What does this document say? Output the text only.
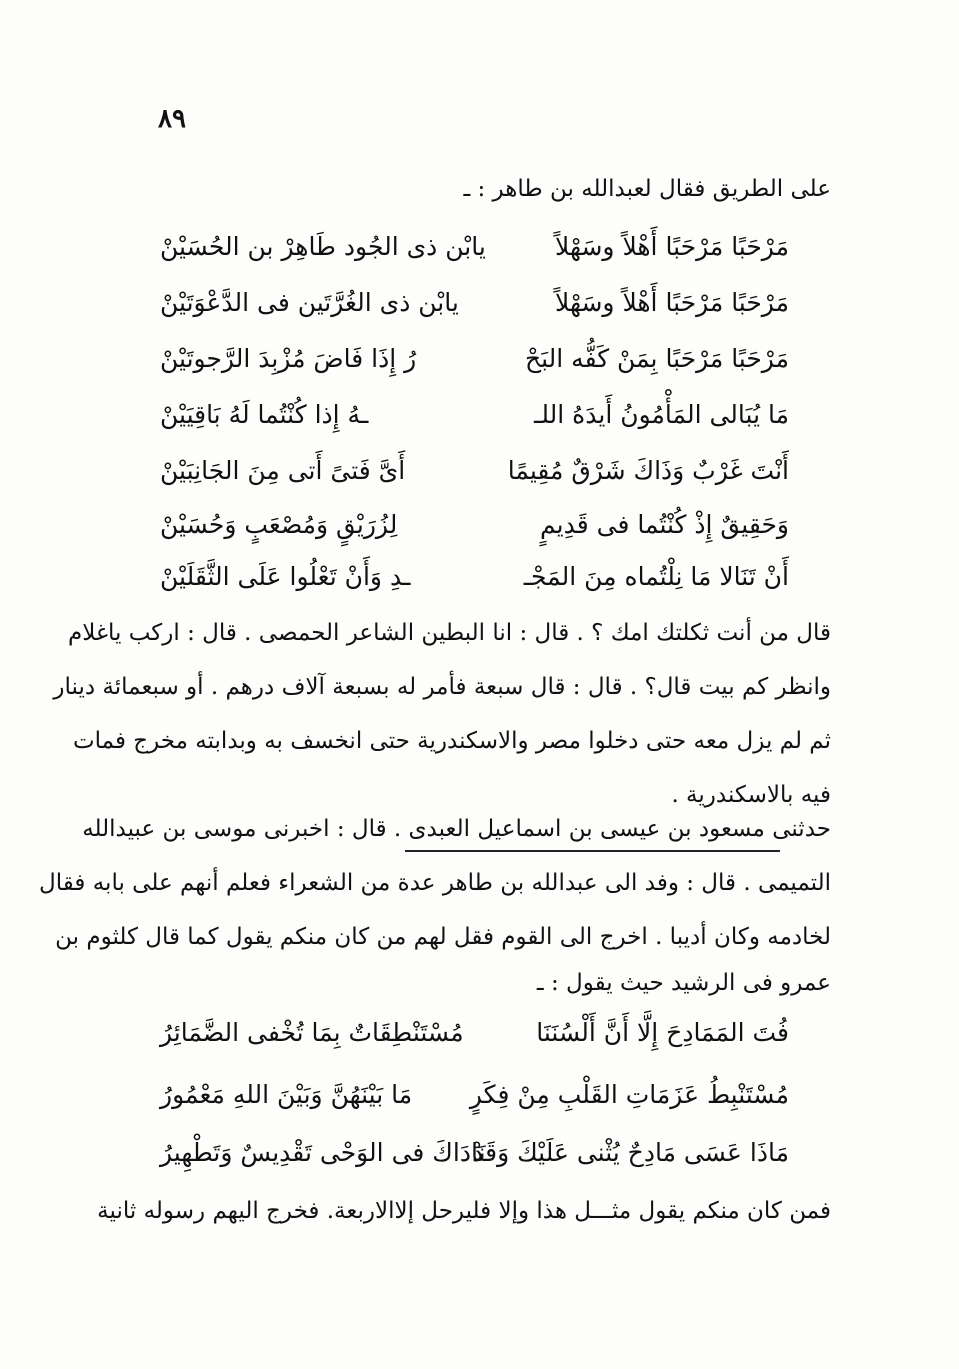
٨٩
على الطريق فقال لعبدالله بن طاهر : ـ
مَرْحَبًا مَرْحَبًا أَهْلاً وسَهْلاً
يابْن ذى الجُود طَاهِرْ بن الحُسَيْنْ
مَرْحَبًا مَرْحَبًا أَهْلاً وسَهْلاً
يابْن ذى الغُرَّتَين فى الدَّعْوَتَيْنْ
مَرْحَبًا مَرْحَبًا بِمَنْ كَفُّه البَحْ
رُ إِذَا فَاضَ مُزْبِدَ الرَّجوتَيْنْ
مَا يُبَالى المَأْمُونُ أَيدَهُ اللـ
ـهُ إِذا كُنْتُما لَهُ بَاقِيَيْنْ
أَنْتَ غَرْبٌ وَذَاكَ شَرْقٌ مُقِيمًا
أَىَّ فَتىً أَتى مِنَ الجَانِبَيْنْ
وَحَقِيقٌ إِذْ كُنْتُما فى قَدِيمٍ
لِزُرَيْقٍ وَمُصْعَبٍ وَحُسَيْنْ
أَنْ تَنَالا مَا نِلْتُماه مِنَ المَجْـ
ـدِ وَأَنْ تَعْلُوا عَلَى الثَّقَلَيْنْ
قال من أنت ثكلتك امك ؟ . قال : انا البطين الشاعر الحمصى . قال : اركب ياغلام
وانظر كم بيت قال؟ . قال : قال سبعة فأمر له بسبعة آلاف درهم . أو سبعمائة دينار
ثم لم يزل معه حتى دخلوا مصر والاسكندرية حتى انخسف به وبدابته مخرج فمات
فيه بالاسكندرية .
حدثنى مسعود بن عيسى بن اسماعيل العبدى . قال : اخبرنى موسى بن عبيدالله
التميمى . قال : وفد الى عبدالله بن طاهر عدة من الشعراء فعلم أنهم على بابه فقال
لخادمه وكان أديبا . اخرج الى القوم فقل لهم من كان منكم يقول كما قال كلثوم بن
عمرو فى الرشيد حيث يقول : ـ
مُسْتَنْطِقَاتٌ بِمَا تُخْفى الضَّمَائِرُ	فُتَ المَمَادِحَ إِلَّا أَنَّ أَلْسُنَنَا
مَا بَيْنَهُنَّ وَبَيْنَ اللهِ مَعْمُورُ مُسْتَنْبِطُ عَزَمَاتِ القَلْبِ مِنْ فِكَرٍ
نَادَاكَ فى الوَحْى تَقْدِيسٌ وَتَطْهِيرُ
مَاذَا عَسَى مَادِحٌ يُثْنى عَلَيْكَ وَقَدْ
فمن كان منكم يقول مثـــل هذا وإلا فليرحل إلاالاربعة. فخرج اليهم رسوله ثانية
